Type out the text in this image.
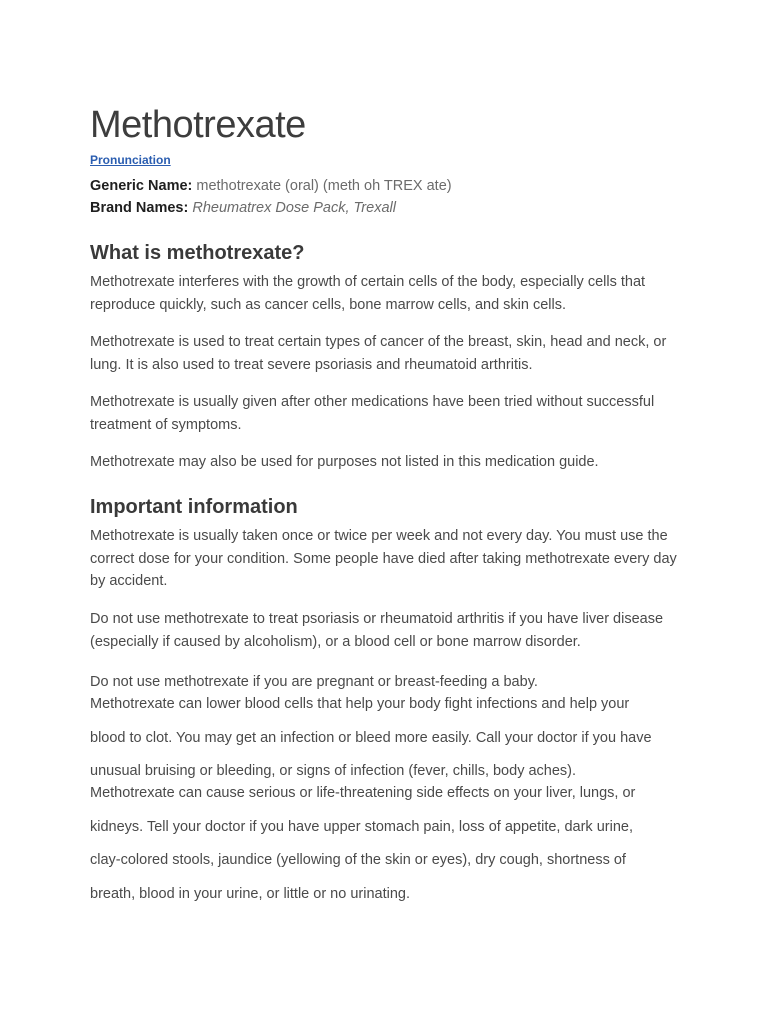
Methotrexate
Pronunciation
Generic Name: methotrexate (oral) (meth oh TREX ate)
Brand Names: Rheumatrex Dose Pack, Trexall
What is methotrexate?

Methotrexate interferes with the growth of certain cells of the body, especially cells that reproduce quickly, such as cancer cells, bone marrow cells, and skin cells.

Methotrexate is used to treat certain types of cancer of the breast, skin, head and neck, or lung. It is also used to treat severe psoriasis and rheumatoid arthritis.

Methotrexate is usually given after other medications have been tried without successful treatment of symptoms.

Methotrexate may also be used for purposes not listed in this medication guide.

Important information

Methotrexate is usually taken once or twice per week and not every day. You must use the correct dose for your condition. Some people have died after taking methotrexate every day by accident.

Do not use methotrexate to treat psoriasis or rheumatoid arthritis if you have liver disease (especially if caused by alcoholism), or a blood cell or bone marrow disorder.

Do not use methotrexate if you are pregnant or breast-feeding a baby.
Methotrexate can lower blood cells that help your body fight infections and help your
blood to clot. You may get an infection or bleed more easily. Call your doctor if you have
unusual bruising or bleeding, or signs of infection (fever, chills, body aches).
Methotrexate can cause serious or life-threatening side effects on your liver, lungs, or
kidneys. Tell your doctor if you have upper stomach pain, loss of appetite, dark urine,
clay-colored stools, jaundice (yellowing of the skin or eyes), dry cough, shortness of
breath, blood in your urine, or little or no urinating.
